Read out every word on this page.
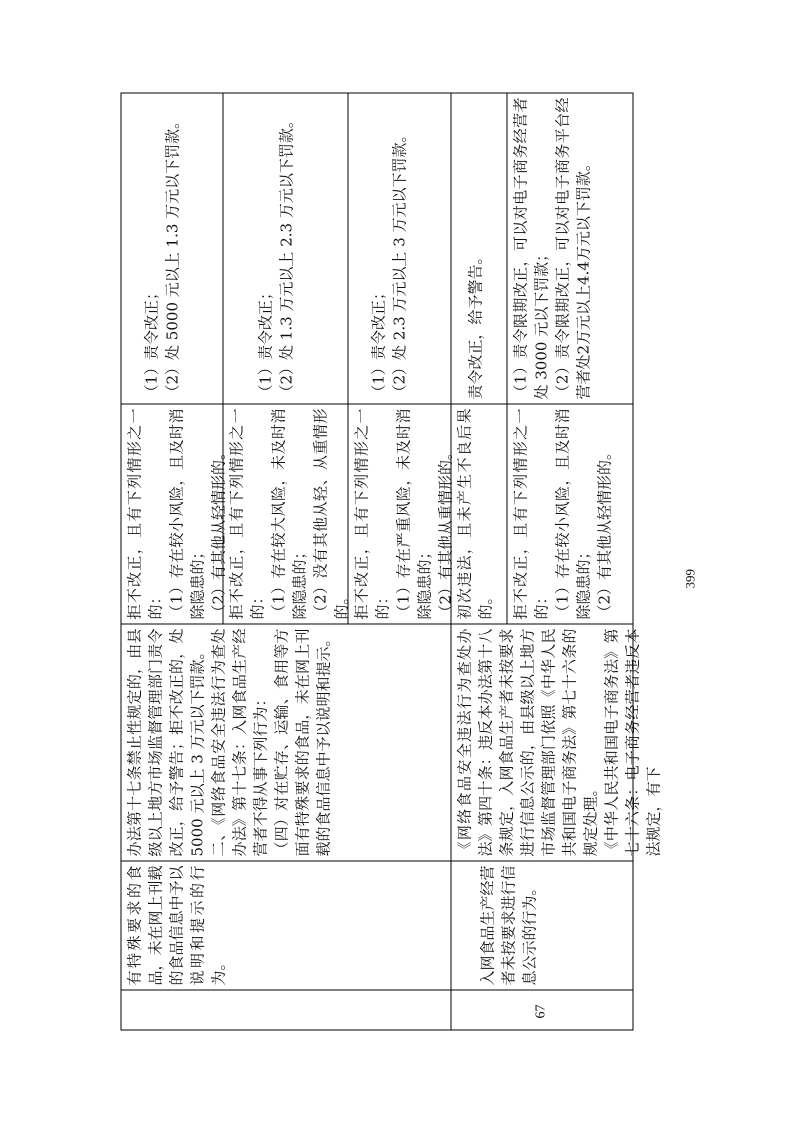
有特殊要求的食品，未在网上刊载的食品信息中予以说明和提示的行为。

办法第十七条禁止性规定的，由县级以上地方市场监督管理部门责令改正，给予警告；拒不改正的，处 5000 元以上 3 万元以下罚款。 二、《网络食品安全违法行为查处办法》第十七条：入网食品生产经营者不得从事下列行为： （四）对在贮存、运输、食用等方面有特殊要求的食品，未在网上刊载的食品信息中予以说明和提示。

拒不改正，且有下列情形之一的：
（1）存在较小风险，且及时消除隐患的；
（2）有其他从轻情形的。

（1）责令改正；
（2）处 5000 元以上 1.3 万元以下罚款。

拒不改正，且有下列情形之一的：
（1）存在较大风险，未及时消除隐患的；
（2）没有其他从轻、从重情形的。

（1）责令改正；
（2）处 1.3 万元以上 2.3 万元以下罚款。

拒不改正，且有下列情形之一的：
（1）存在严重风险，未及时消除隐患的；
（2）有其他从重情形的。

（1）责令改正；
（2）处 2.3 万元以上 3 万元以下罚款。

67

入网食品生产经营者未按要求进行信息公示的行为。

《网络食品安全违法行为查处办法》第四十条：违反本办法第十八条规定，入网食品生产者未按要求进行信息公示的，由县级以上地方市场监督管理部门依照《中华人民共和国电子商务法》第七十六条的规定处理。 《中华人民共和国电子商务法》第七十六条：电子商务经营者违反本法规定，有下

初次违法，且未产生不良后果的。

责令改正，给予警告。

拒不改正，且有下列情形之一的：
（1）存在较小风险，且及时消除隐患的；
（2）有其他从轻情形的。

（1）责令限期改正，可以对电子商务经营者处 3000 元以下罚款；
（2）责令限期改正，可以对电子商务平台经营者处2万元以上4.4万元以下罚款。

399
